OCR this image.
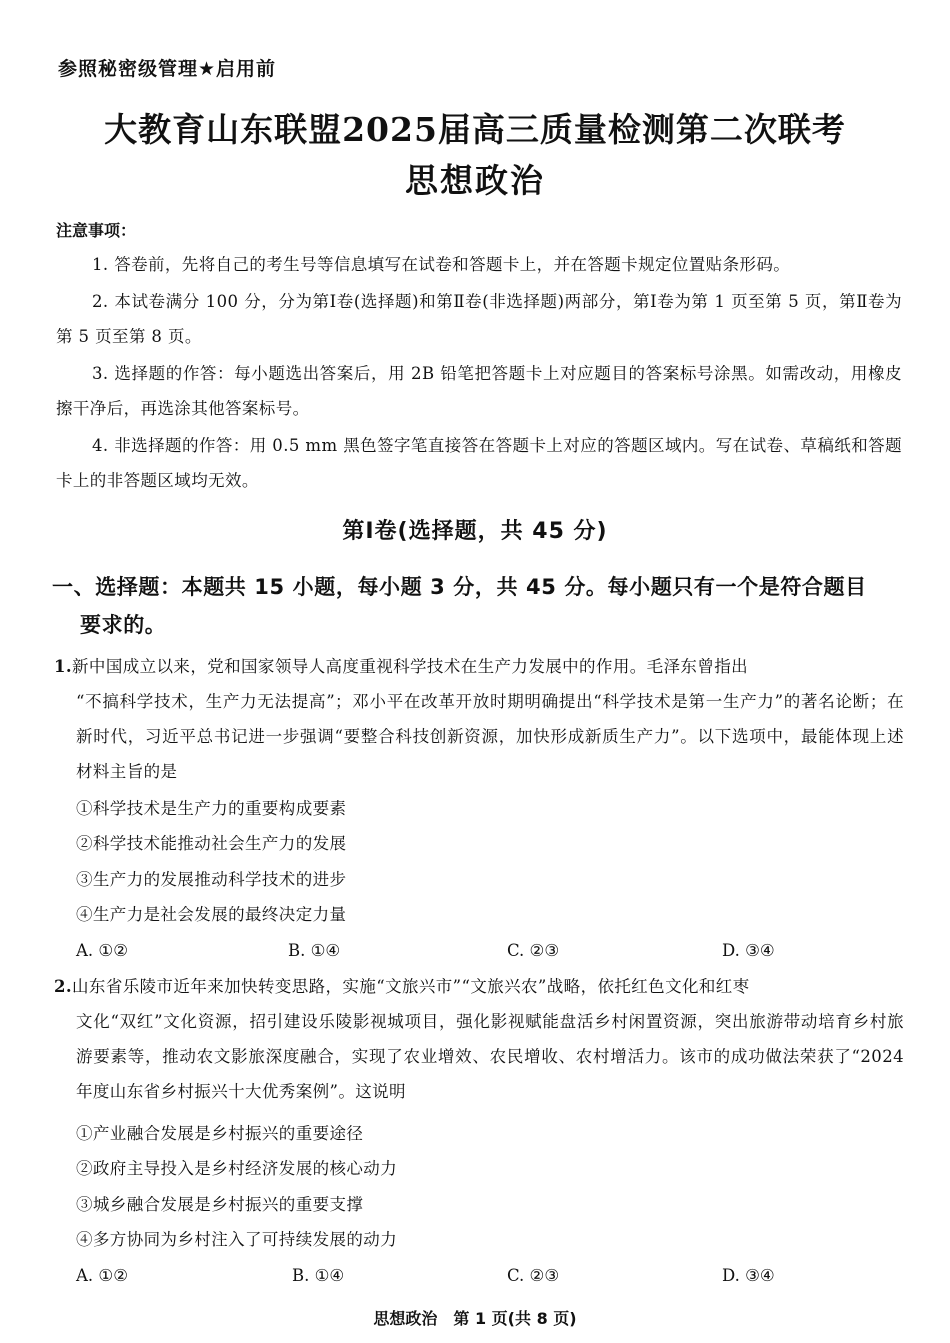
参照秘密级管理★启用前
大教育山东联盟2025届高三质量检测第二次联考
思想政治
注意事项：
1. 答卷前，先将自己的考生号等信息填写在试卷和答题卡上，并在答题卡规定位置贴条形码。
2. 本试卷满分 100 分，分为第Ⅰ卷(选择题)和第Ⅱ卷(非选择题)两部分，第Ⅰ卷为第 1 页至第 5 页，第Ⅱ卷为第 5 页至第 8 页。
3. 选择题的作答：每小题选出答案后，用 2B 铅笔把答题卡上对应题目的答案标号涂黑。如需改动，用橡皮擦干净后，再选涂其他答案标号。
4. 非选择题的作答：用 0.5 mm 黑色签字笔直接答在答题卡上对应的答题区域内。写在试卷、草稿纸和答题卡上的非答题区域均无效。
第Ⅰ卷(选择题，共 45 分)
一、选择题：本题共 15 小题，每小题 3 分，共 45 分。每小题只有一个是符合题目
要求的。
1.新中国成立以来，党和国家领导人高度重视科学技术在生产力发展中的作用。毛泽东曾指出
“不搞科学技术，生产力无法提高”；邓小平在改革开放时期明确提出“科学技术是第一生产力”的著名论断；在新时代，习近平总书记进一步强调“要整合科技创新资源，加快形成新质生产力”。以下选项中，最能体现上述材料主旨的是
①科学技术是生产力的重要构成要素
②科学技术能推动社会生产力的发展
③生产力的发展推动科学技术的进步
④生产力是社会发展的最终决定力量
A. ①②	B. ①④	C. ②③	D. ③④
2.山东省乐陵市近年来加快转变思路，实施“文旅兴市”“文旅兴农”战略，依托红色文化和红枣
文化“双红”文化资源，招引建设乐陵影视城项目，强化影视赋能盘活乡村闲置资源，突出旅游带动培育乡村旅游要素等，推动农文影旅深度融合，实现了农业增效、农民增收、农村增活力。该市的成功做法荣获了“2024 年度山东省乡村振兴十大优秀案例”。这说明
①产业融合发展是乡村振兴的重要途径
②政府主导投入是乡村经济发展的核心动力
③城乡融合发展是乡村振兴的重要支撑
④多方协同为乡村注入了可持续发展的动力
A. ①②	B. ①④	C. ②③	D. ③④
思想政治　第 1 页(共 8 页)
